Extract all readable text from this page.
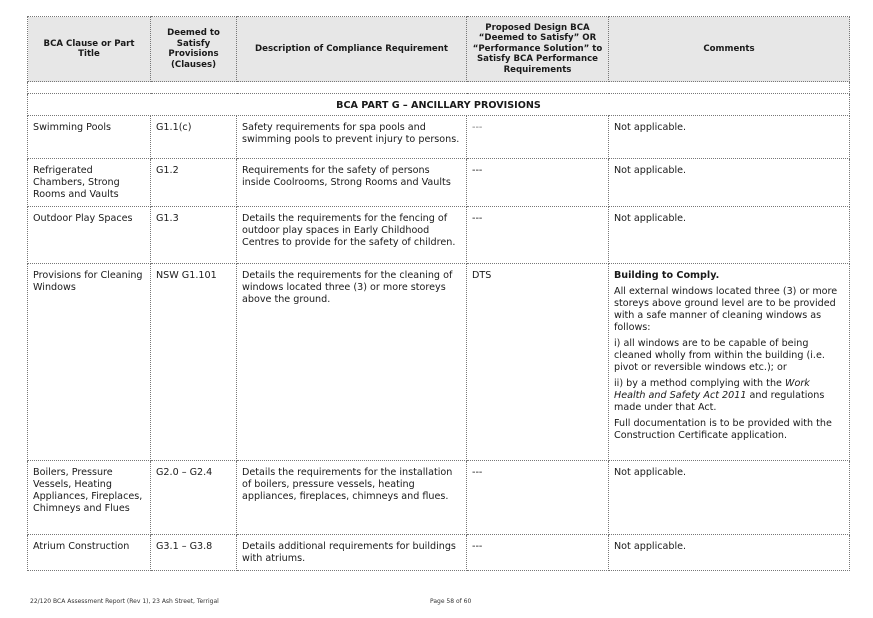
BCA Clause or Part Title	Deemed to Satisfy Provisions (Clauses)	Description of Compliance Requirement	Proposed Design BCA “Deemed to Satisfy” OR “Performance Solution” to Satisfy BCA Performance Requirements	Comments

BCA PART G – ANCILLARY PROVISIONS				
Swimming Pools	G1.1(c)	Safety requirements for spa pools and swimming pools to prevent injury to persons.	---	Not applicable.
Refrigerated Chambers, Strong Rooms and Vaults	G1.2	Requirements for the safety of persons inside Coolrooms, Strong Rooms and Vaults	---	Not applicable.
Outdoor Play Spaces	G1.3	Details the requirements for the fencing of outdoor play spaces in Early Childhood Centres to provide for the safety of children.	---	Not applicable.
Provisions for Cleaning Windows	NSW G1.101	Details the requirements for the cleaning of windows located three (3) or more storeys above the ground.	DTS	Building to Comply.

All external windows located three (3) or more storeys above ground level are to be provided with a safe manner of cleaning windows as follows:

i) all windows are to be capable of being cleaned wholly from within the building (i.e. pivot or reversible windows etc.); or

ii) by a method complying with the Work Health and Safety Act 2011 and regulations made under that Act.

Full documentation is to be provided with the Construction Certificate application.

Boilers, Pressure Vessels, Heating Appliances, Fireplaces, Chimneys and Flues	G2.0 – G2.4	Details the requirements for the installation of boilers, pressure vessels, heating appliances, fireplaces, chimneys and flues.	---	Not applicable.
Atrium Construction	G3.1 – G3.8	Details additional requirements for buildings with atriums.	---	Not applicable.
22/120 BCA Assessment Report (Rev 1), 23 Ash Street, Terrigal	Page 58 of 60
